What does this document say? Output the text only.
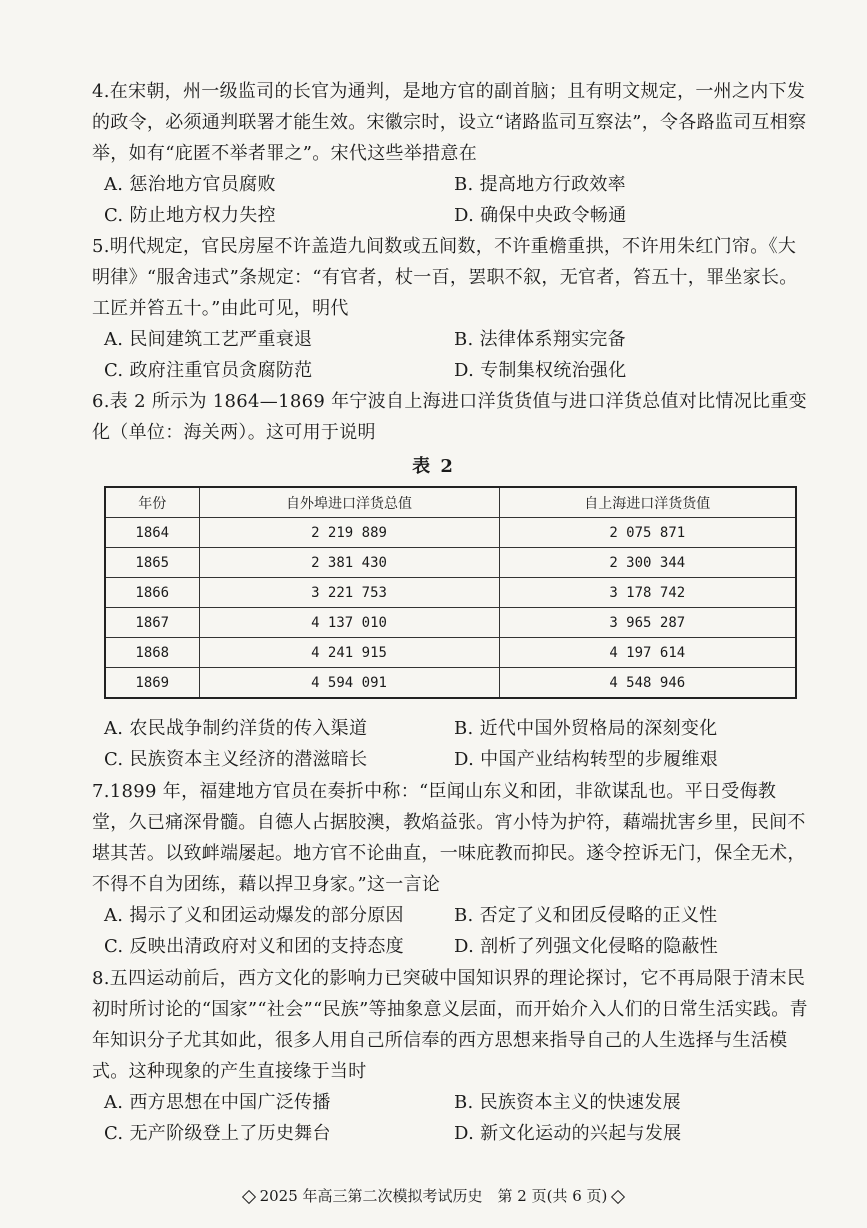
4.在宋朝，州一级监司的长官为通判，是地方官的副首脑；且有明文规定，一州之内下发的政令，必须通判联署才能生效。宋徽宗时，设立“诸路监司互察法”，令各路监司互相察举，如有“庇匿不举者罪之”。宋代这些举措意在

A. 惩治地方官员腐败	B. 提高地方行政效率
C. 防止地方权力失控	D. 确保中央政令畅通

5.明代规定，官民房屋不许盖造九间数或五间数，不许重檐重拱，不许用朱红门帘。《大明律》“服舍违式”条规定：“有官者，杖一百，罢职不叙，无官者，笞五十，罪坐家长。工匠并笞五十。”由此可见，明代

A. 民间建筑工艺严重衰退	B. 法律体系翔实完备
C. 政府注重官员贪腐防范	D. 专制集权统治强化

6.表 2 所示为 1864—1869 年宁波自上海进口洋货货值与进口洋货总值对比情况比重变化（单位：海关两）。这可用于说明

表 2
年份	自外埠进口洋货总值	自上海进口洋货货值
1864	2 219 889	2 075 871
1865	2 381 430	2 300 344
1866	3 221 753	3 178 742
1867	4 137 010	3 965 287
1868	4 241 915	4 197 614
1869	4 594 091	4 548 946
A. 农民战争制约洋货的传入渠道	B. 近代中国外贸格局的深刻变化
C. 民族资本主义经济的潜滋暗长	D. 中国产业结构转型的步履维艰

7.1899 年，福建地方官员在奏折中称：“臣闻山东义和团，非欲谋乱也。平日受侮教堂，久已痛深骨髓。自德人占据胶澳，教焰益张。宵小恃为护符，藉端扰害乡里，民间不堪其苦。以致衅端屡起。地方官不论曲直，一味庇教而抑民。遂令控诉无门，保全无术，不得不自为团练，藉以捍卫身家。”这一言论

A. 揭示了义和团运动爆发的部分原因	B. 否定了义和团反侵略的正义性
C. 反映出清政府对义和团的支持态度	D. 剖析了列强文化侵略的隐蔽性

8.五四运动前后，西方文化的影响力已突破中国知识界的理论探讨，它不再局限于清末民初时所讨论的“国家”“社会”“民族”等抽象意义层面，而开始介入人们的日常生活实践。青年知识分子尤其如此，很多人用自己所信奉的西方思想来指导自己的人生选择与生活模式。这种现象的产生直接缘于当时

A. 西方思想在中国广泛传播	B. 民族资本主义的快速发展
C. 无产阶级登上了历史舞台	D. 新文化运动的兴起与发展
2025 年高三第二次模拟考试历史　第 2 页(共 6 页)
